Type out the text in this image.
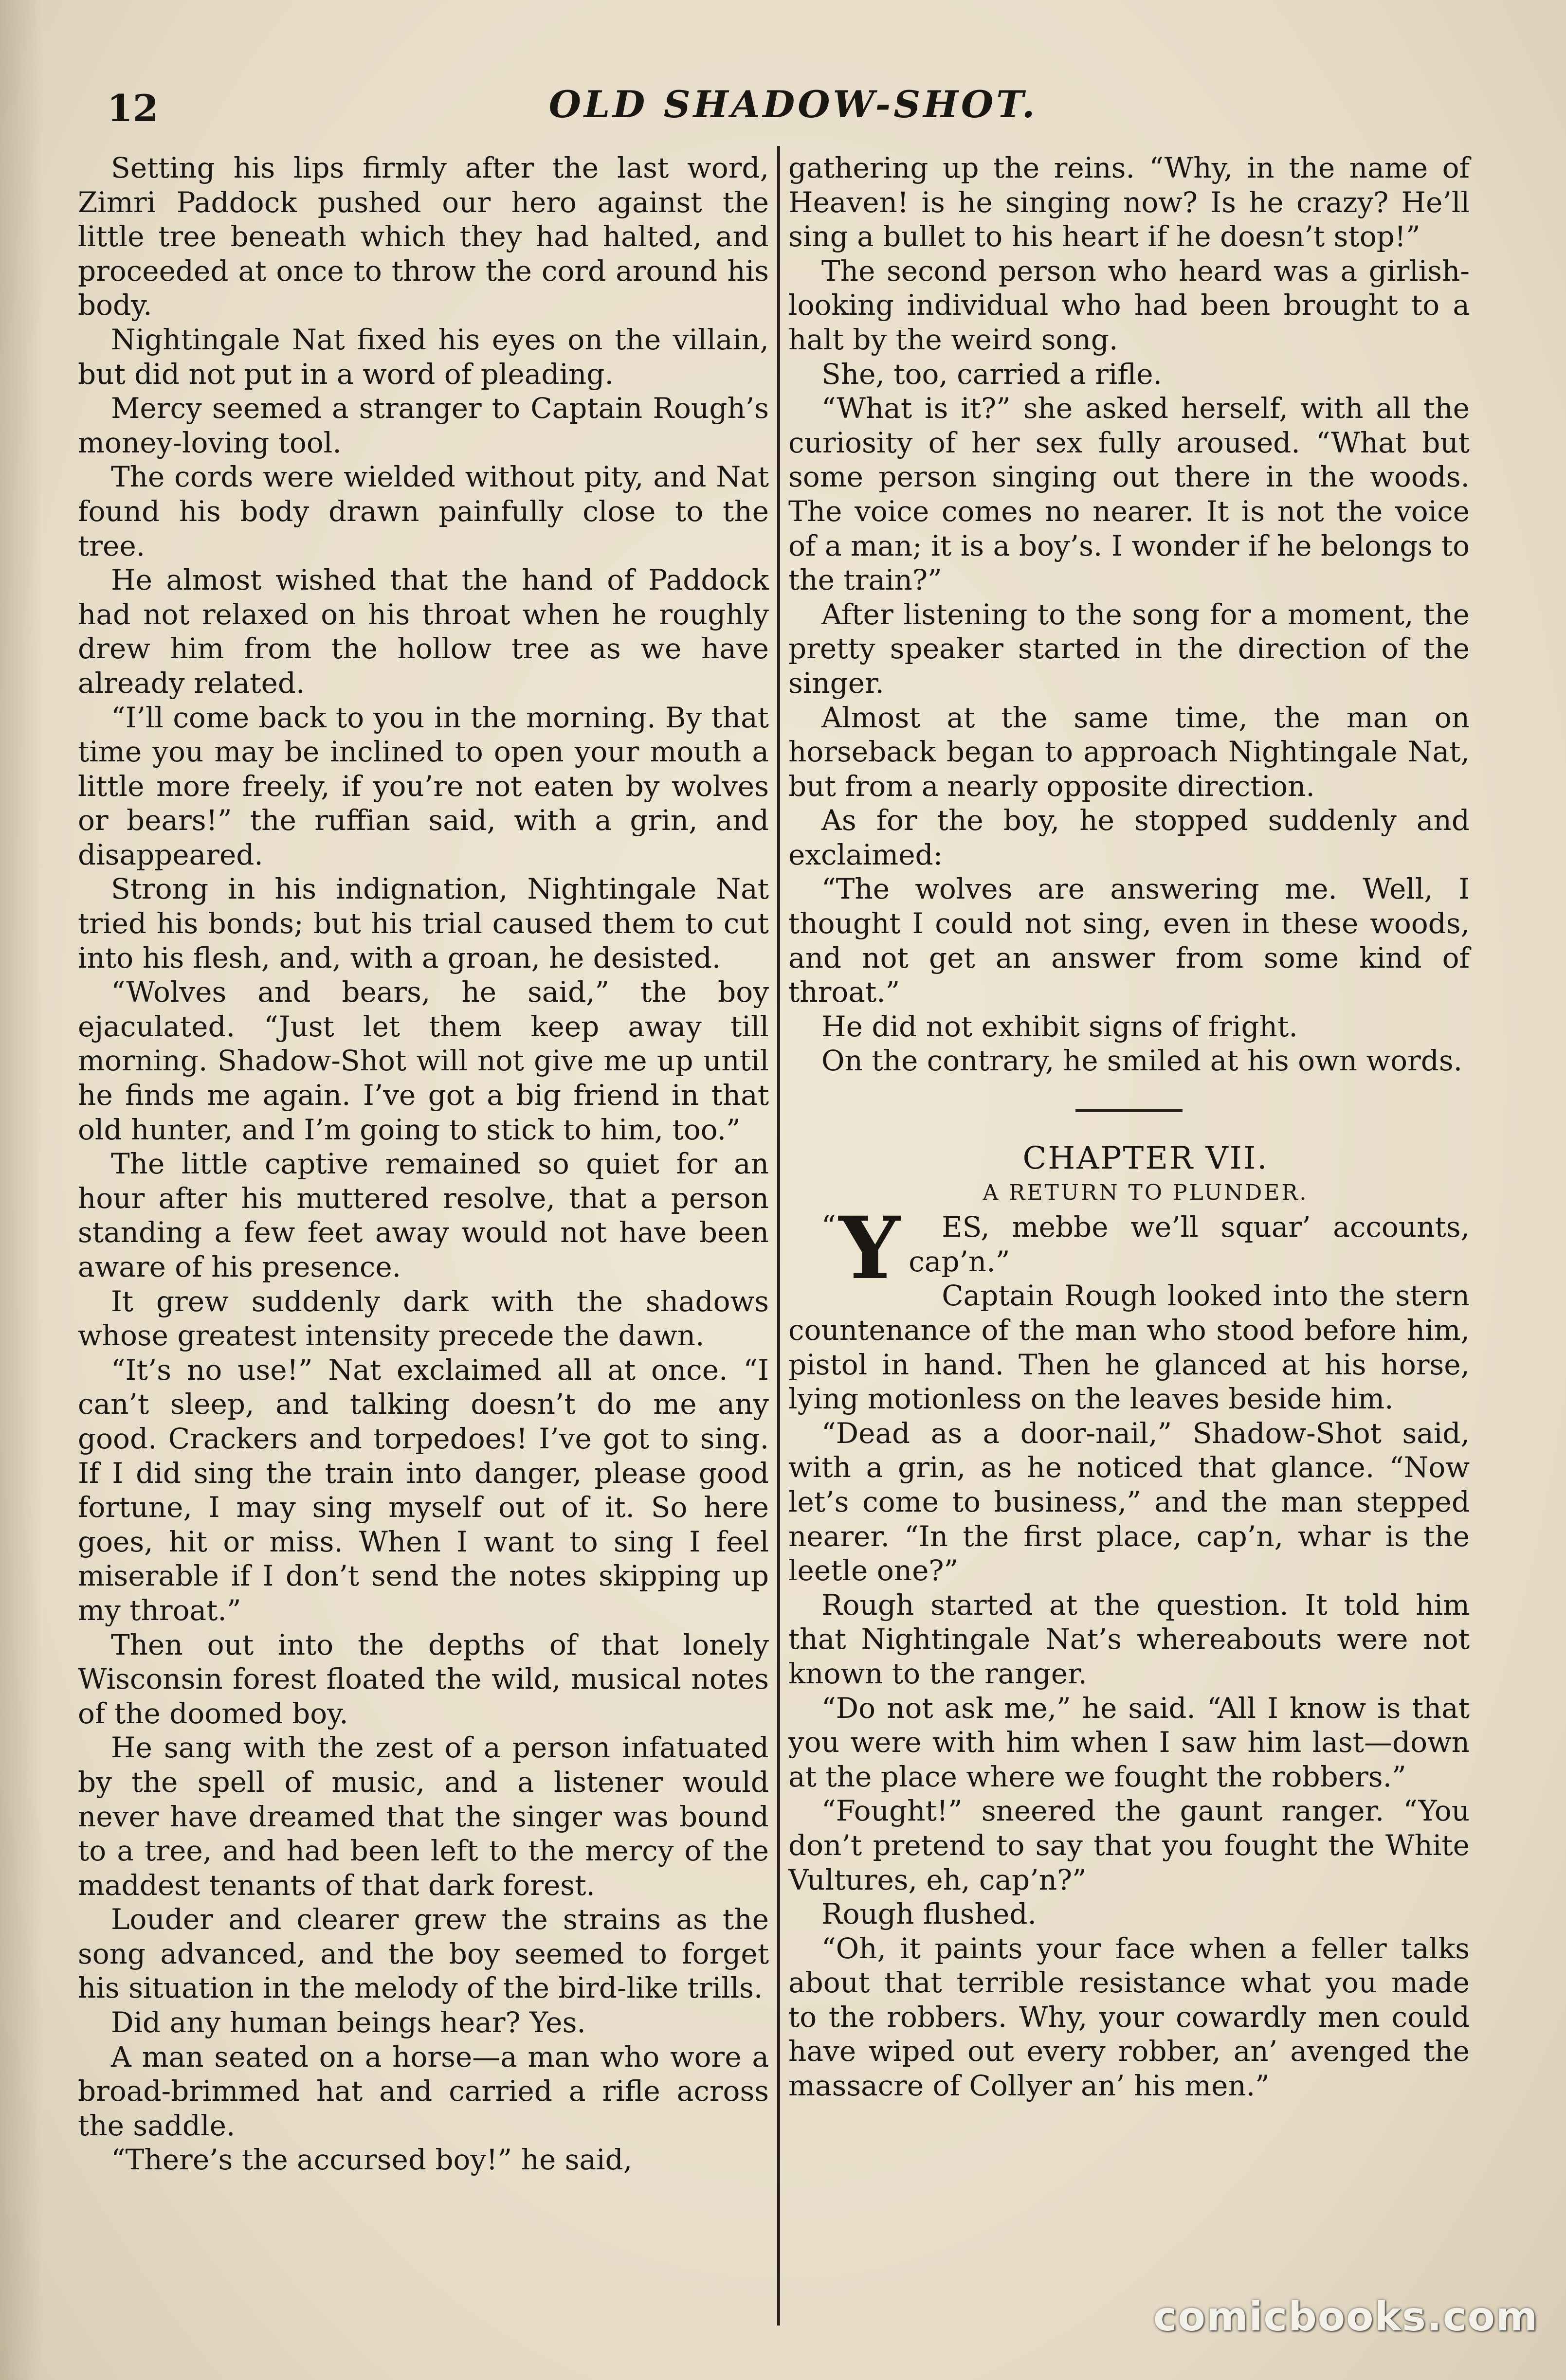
12	OLD SHADOW-SHOT.

Setting his lips firmly after the last word, Zimri Paddock pushed our hero against the little tree beneath which they had halted, and proceeded at once to throw the cord around his body.

Nightingale Nat fixed his eyes on the villain, but did not put in a word of pleading.

Mercy seemed a stranger to Captain Rough’s money-loving tool.

The cords were wielded without pity, and Nat found his body drawn painfully close to the tree.

He almost wished that the hand of Paddock had not relaxed on his throat when he roughly drew him from the hollow tree as we have already related.

“I’ll come back to you in the morning. By that time you may be inclined to open your mouth a little more freely, if you’re not eaten by wolves or bears!” the ruffian said, with a grin, and disappeared.

Strong in his indignation, Nightingale Nat tried his bonds; but his trial caused them to cut into his flesh, and, with a groan, he desisted.

“Wolves and bears, he said,” the boy ejaculated. “Just let them keep away till morning. Shadow-Shot will not give me up until he finds me again. I’ve got a big friend in that old hunter, and I’m going to stick to him, too.”

The little captive remained so quiet for an hour after his muttered resolve, that a person standing a few feet away would not have been aware of his presence.

It grew suddenly dark with the shadows whose greatest intensity precede the dawn.

“It’s no use!” Nat exclaimed all at once. “I can’t sleep, and talking doesn’t do me any good. Crackers and torpedoes! I’ve got to sing. If I did sing the train into danger, please good fortune, I may sing myself out of it. So here goes, hit or miss. When I want to sing I feel miserable if I don’t send the notes skipping up my throat.”

Then out into the depths of that lonely Wisconsin forest floated the wild, musical notes of the doomed boy.

He sang with the zest of a person infatuated by the spell of music, and a listener would never have dreamed that the singer was bound to a tree, and had been left to the mercy of the maddest tenants of that dark forest.

Louder and clearer grew the strains as the song advanced, and the boy seemed to forget his situation in the melody of the bird-like trills.

Did any human beings hear? Yes.

A man seated on a horse—a man who wore a broad-brimmed hat and carried a rifle across the saddle.

“There’s the accursed boy!” he said,

gathering up the reins. “Why, in the name of Heaven! is he singing now? Is he crazy? He’ll sing a bullet to his heart if he doesn’t stop!”

The second person who heard was a girlish-looking individual who had been brought to a halt by the weird song.

She, too, carried a rifle.

“What is it?” she asked herself, with all the curiosity of her sex fully aroused. “What but some person singing out there in the woods. The voice comes no nearer. It is not the voice of a man; it is a boy’s. I wonder if he belongs to the train?”

After listening to the song for a moment, the pretty speaker started in the direction of the singer.

Almost at the same time, the man on horseback began to approach Nightingale Nat, but from a nearly opposite direction.

As for the boy, he stopped suddenly and exclaimed:

“The wolves are answering me. Well, I thought I could not sing, even in these woods, and not get an answer from some kind of throat.”

He did not exhibit signs of fright.

On the contrary, he smiled at his own words.

CHAPTER VII.

A RETURN TO PLUNDER.

“Y ES, mebbe we’ll squar’ accounts, cap’n.”

Captain Rough looked into the stern countenance of the man who stood before him, pistol in hand. Then he glanced at his horse, lying motionless on the leaves beside him.

“Dead as a door-nail,” Shadow-Shot said, with a grin, as he noticed that glance. “Now let’s come to business,” and the man stepped nearer. “In the first place, cap’n, whar is the leetle one?”

Rough started at the question. It told him that Nightingale Nat’s whereabouts were not known to the ranger.

“Do not ask me,” he said. “All I know is that you were with him when I saw him last—down at the place where we fought the robbers.”

“Fought!” sneered the gaunt ranger. “You don’t pretend to say that you fought the White Vultures, eh, cap’n?”

Rough flushed.

“Oh, it paints your face when a feller talks about that terrible resistance what you made to the robbers. Why, your cowardly men could have wiped out every robber, an’ avenged the massacre of Collyer an’ his men.”

comicbooks.com
